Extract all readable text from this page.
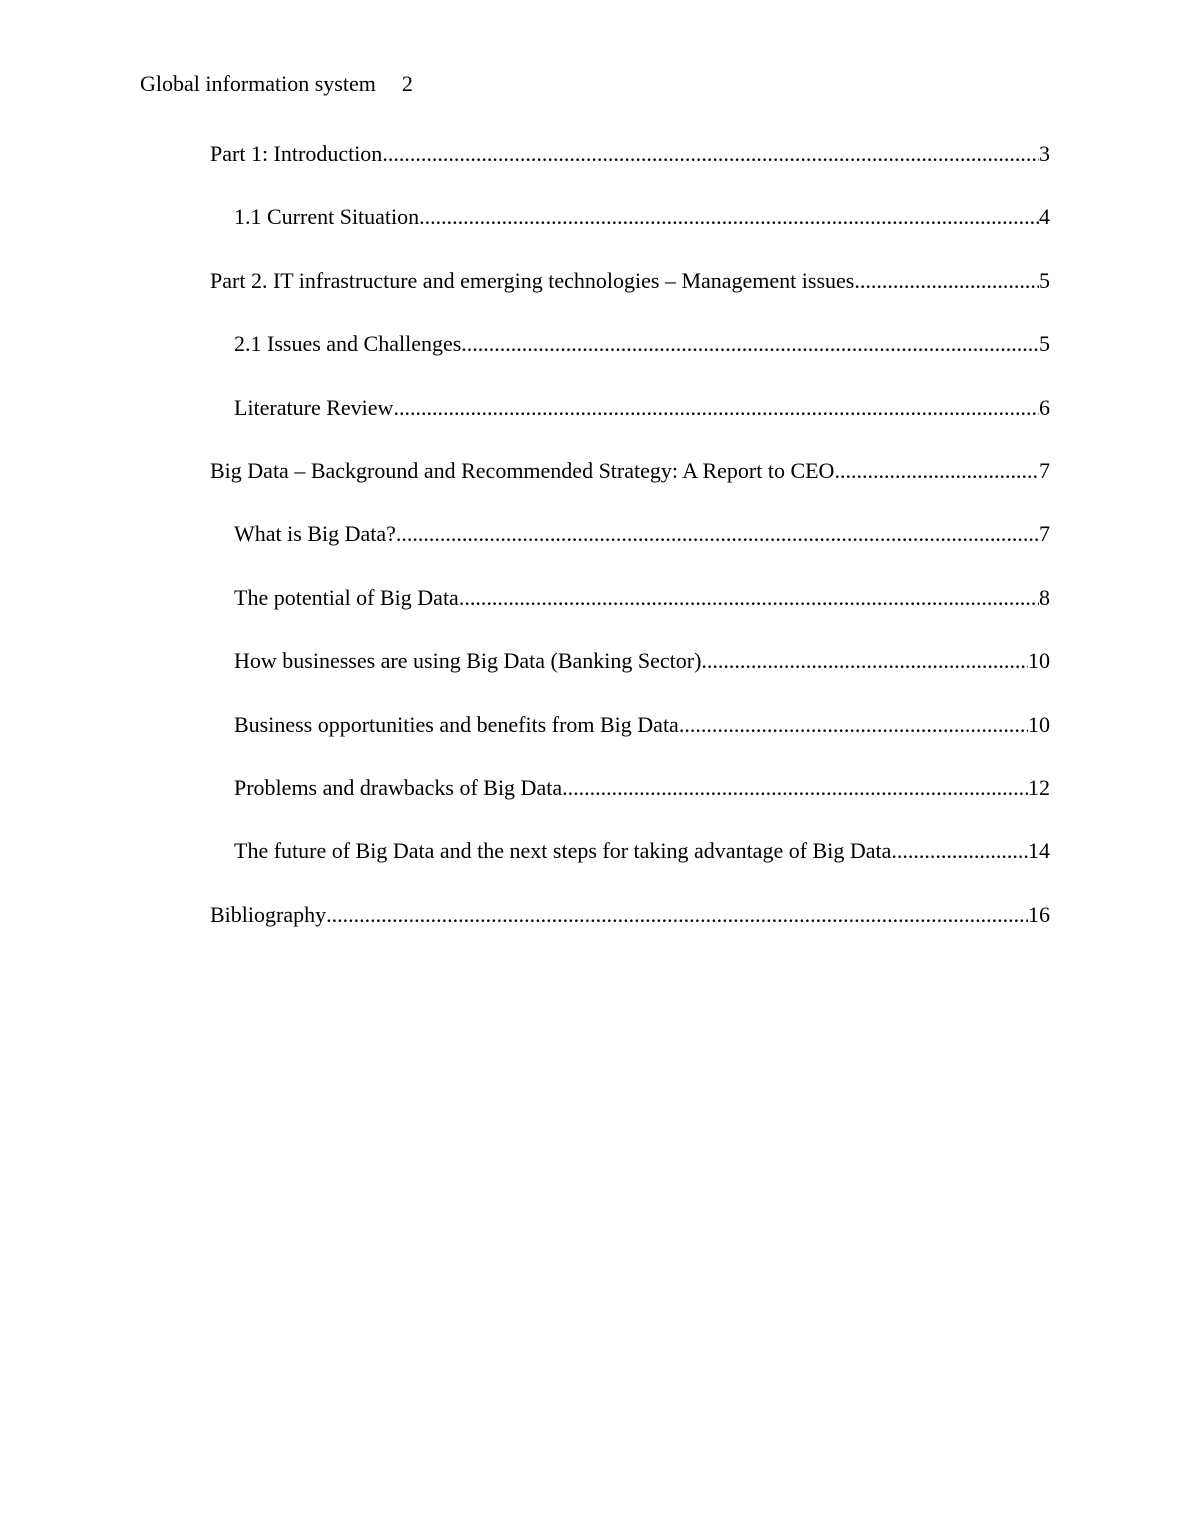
Global information system 2
Part 1: Introduction .....	3
1.1 Current Situation .....	4
Part 2. IT infrastructure and emerging technologies – Management issues .....	5
2.1 Issues and Challenges .....	5
Literature Review .....	6
Big Data – Background and Recommended Strategy: A Report to CEO .....	7
What is Big Data? .....	7
The potential of Big Data .....	8
How businesses are using Big Data (Banking Sector) .....	10
Business opportunities and benefits from Big Data .....	10
Problems and drawbacks of Big Data .....	12
The future of Big Data and the next steps for taking advantage of Big Data .....	14
Bibliography .....	16
